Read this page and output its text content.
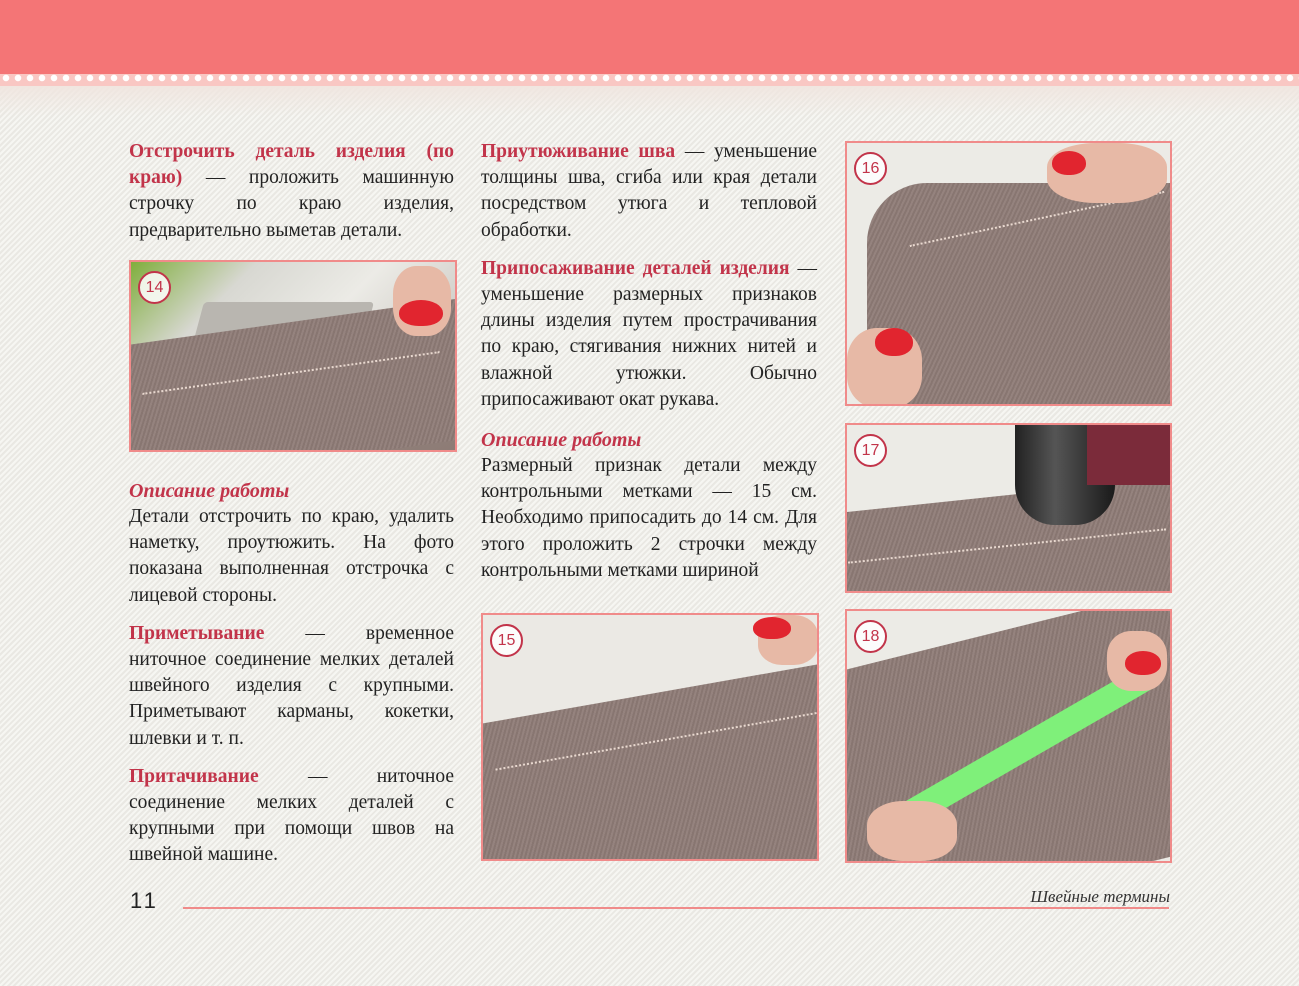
Отстрочить деталь изделия (по краю) — проложить машинную строчку по краю изделия, предварительно выметав детали.

14

Описание работы

Детали отстрочить по краю, удалить наметку, проутюжить. На фото показана выполненная отстрочка с лицевой стороны.

Приметывание — временное ниточное соединение мелких деталей швейного изделия с крупными. Приметывают карманы, кокетки, шлевки и т. п.

Притачивание — ниточное соединение мелких деталей с крупными при помощи швов на швейной машине.

Приутюживание шва — уменьшение толщины шва, сгиба или края детали посредством утюга и тепловой обработки.

Припосаживание деталей изделия — уменьшение размерных признаков длины изделия путем прострачивания по краю, стягивания нижних нитей и влажной утюжки. Обычно припосаживают окат рукава.

Описание работы

Размерный признак детали между контрольными метками — 15 см. Необходимо припосадить до 14 см. Для этого проложить 2 строчки между контрольными метками шириной

15
16
17
18
11	Швейные термины
